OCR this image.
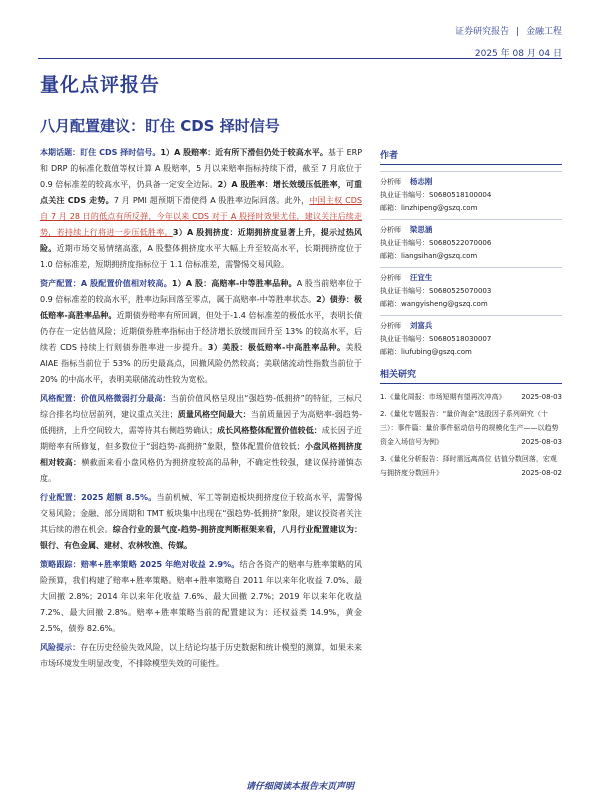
证券研究报告 | 金融工程
2025 年 08 月 04 日
量化点评报告
八月配置建议：盯住 CDS 择时信号

本期话题：盯住 CDS 择时信号。1）A 股赔率：近有所下滑但仍处于较高水平。基于 ERP 和 DRP 的标准化数值等权计算 A 股赔率，5 月以来赔率指标持续下滑，截至 7 月底位于 0.9 倍标准差的较高水平，仍具备一定安全边际。2）A 股胜率：增长效缓压低胜率，可重点关注 CDS 走势。7 月 PMI 超预期下滑使得 A 股胜率边际回落。此外，中国主权 CDS 自 7 月 28 日的低点有所反弹，今年以来 CDS 对于 A 股择时效果尤佳，建议关注后续走势，若持续上行将进一步压低胜率。3）A 股拥挤度：近期拥挤度显著上升，提示过热风险。近期市场交易情绪高涨，A 股整体拥挤度水平大幅上升至较高水平，长期拥挤度位于 1.0 倍标准差，短期拥挤度指标位于 1.1 倍标准差，需警惕交易风险。

资产配置：A 股配置价值相对较高。1）A 股：高赔率-中等胜率品种。A 股当前赔率位于 0.9 倍标准差的较高水平，胜率边际回落至零点，属于高赔率-中等胜率状态。2）债券：极低赔率-高胜率品种。近期债券赔率有所回调，但处于-1.4 倍标准差的极低水平，表明长债仍存在一定估值风险；近期债券胜率指标由于经济增长放缓而回升至 13% 的较高水平，后续若 CDS 持续上行则债券胜率进一步提升。3）美股：极低赔率-中高胜率品种。美股 AIAE 指标当前位于 53% 的历史最高点，回撤风险仍然较高；美联储流动性指数当前位于 20% 的中高水平，表明美联储流动性较为宽松。

风格配置：价值风格微弱打分最高：当前价值风格呈现出“强趋势-低拥挤”的特征，三标尺综合排名均位居前列，建议重点关注；质量风格空间最大：当前质量因子为高赔率-弱趋势-低拥挤，上升空间较大，需等待其右侧趋势确认；成长风格整体配置价值较低：成长因子近期赔率有所修复，但多数位于“弱趋势-高拥挤”象限，整体配置价值较低；小盘风格拥挤度相对较高：横截面来看小盘风格仍为拥挤度较高的品种，不确定性较强，建议保持谨慎态度。

行业配置：2025 超额 8.5%。当前机械、军工等制造板块拥挤度位于较高水平，需警惕交易风险；金融、部分周期和 TMT 板块集中出现在“强趋势-低拥挤”象限，建议投资者关注其后续的潜在机会。综合行业的景气度-趋势-拥挤度判断框架来看，八月行业配置建议为：银行、有色金属、建材、农林牧渔、传媒。

策略跟踪：赔率+胜率策略 2025 年绝对收益 2.9%。结合各资产的赔率与胜率策略的风险预算，我们构建了赔率+胜率策略。赔率+胜率策略自 2011 年以来年化收益 7.0%、最大回撤 2.8%；2014 年以来年化收益 7.6%、最大回撤 2.7%；2019 年以来年化收益 7.2%、最大回撤 2.8%。赔率+胜率策略当前的配置建议为：还权益类 14.9%，黄金 2.5%，债券 82.6%。

风险提示：存在历史经验失效风险，以上结论均基于历史数据和统计模型的测算，如果未来市场环境发生明显改变，不排除模型失效的可能性。

作者
分析师 杨志刚
执业证书编号：S0680518100004
邮箱：linzhipeng@gszq.com
分析师 梁思涵
执业证书编号：S0680522070006
邮箱：liangsihan@gszq.com
分析师 汪宜生
执业证书编号：S0680525070003
邮箱：wangyisheng@gszq.com
分析师 刘富兵
执业证书编号：S0680518030007
邮箱：liufubing@gszq.com
相关研究
1.《量化周报：市场短期有望再次冲高》 2025-08-03
2.《量化专题报告：“量价淘金”选股因子系列研究（十三）：事件篇：量价事件驱动信号的规模化生产——以趋势资金入场信号为例》	2025-08-03
3.《量化分析报告：择时需远离高位 估值分数回落，宏观与拥挤度分数回升》	2025-08-02
请仔细阅读本报告末页声明
